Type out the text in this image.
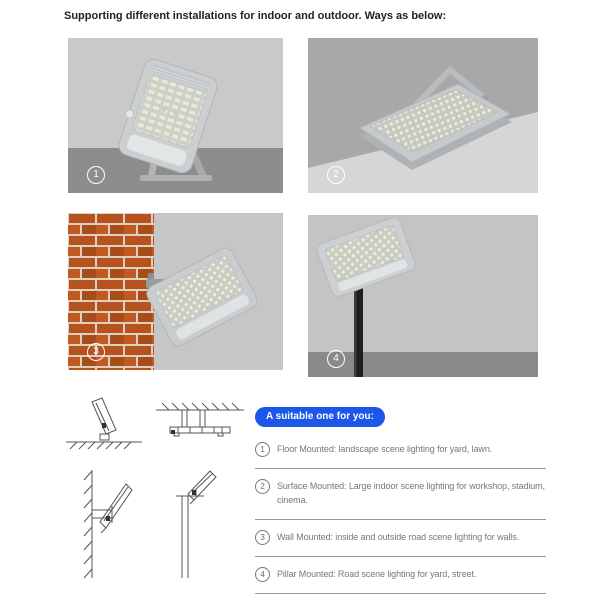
Supporting different installations for indoor and outdoor. Ways as below:
1	2
3
4
A suitable one for you:
1	Floor Mounted: landscape scene lighting for yard, lawn.
2	Surface Mounted: Large indoor scene lighting for workshop, stadium, cinema.
3	Wall Mounted: inside and outside road scene lighting for walls.
4	Pillar Mounted: Road scene lighting for yard, street.
